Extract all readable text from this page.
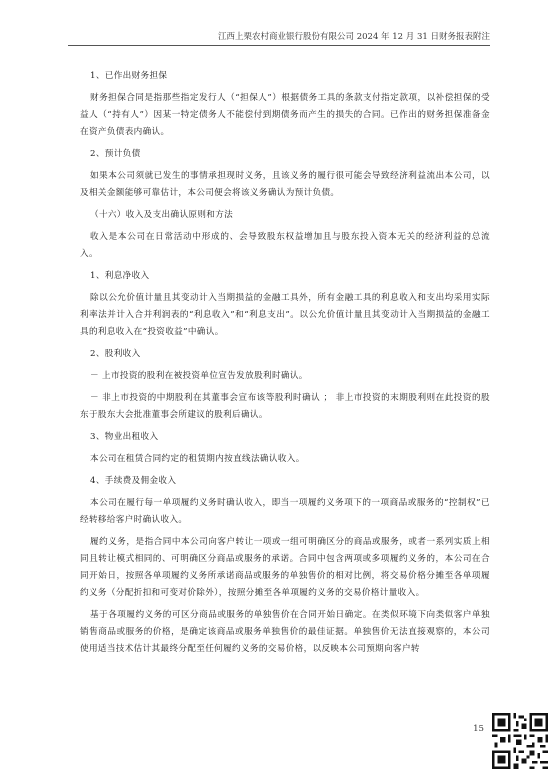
江西上栗农村商业银行股份有限公司 2024 年 12 月 31 日财务报表附注

1、已作出财务担保

财务担保合同是指那些指定发行人（“担保人”）根据债务工具的条款支付指定款项，以补偿担保的受益人（“持有人”）因某一特定债务人不能偿付到期债务而产生的损失的合同。已作出的财务担保准备金在资产负债表内确认。

2、预计负债

如果本公司须就已发生的事情承担现时义务，且该义务的履行很可能会导致经济利益流出本公司，以及相关金额能够可靠估计，本公司便会将该义务确认为预计负债。

（十六）收入及支出确认原则和方法

收入是本公司在日常活动中形成的、会导致股东权益增加且与股东投入资本无关的经济利益的总流入。

1、利息净收入

除以公允价值计量且其变动计入当期损益的金融工具外，所有金融工具的利息收入和支出均采用实际利率法并计入合并利润表的“利息收入”和“利息支出”。以公允价值计量且其变动计入当期损益的金融工具的利息收入在“投资收益”中确认。

2、股利收入

－ 上市投资的股利在被投资单位宣告发放股利时确认。

－ 非上市投资的中期股利在其董事会宣布该等股利时确认 ； 非上市投资的末期股利则在此投资的股东于股东大会批准董事会所建议的股利后确认。

3、物业出租收入

本公司在租赁合同约定的租赁期内按直线法确认收入。

4、手续费及佣金收入

本公司在履行每一单项履约义务时确认收入，即当一项履约义务项下的一项商品或服务的“控制权”已经转移给客户时确认收入。

履约义务，是指合同中本公司向客户转让一项或一组可明确区分的商品或服务，或者一系列实质上相同且转让模式相同的、可明确区分商品或服务的承诺。合同中包含两项或多项履约义务的，本公司在合同开始日，按照各单项履约义务所承诺商品或服务的单独售价的相对比例，将交易价格分摊至各单项履约义务（分配折扣和可变对价除外），按照分摊至各单项履约义务的交易价格计量收入。

基于各项履约义务的可区分商品或服务的单独售价在合同开始日确定。在类似环境下向类似客户单独销售商品或服务的价格，是确定该商品或服务单独售价的最佳证据。单独售价无法直接观察的，本公司使用适当技术估计其最终分配至任何履约义务的交易价格，以反映本公司预期向客户转

15
